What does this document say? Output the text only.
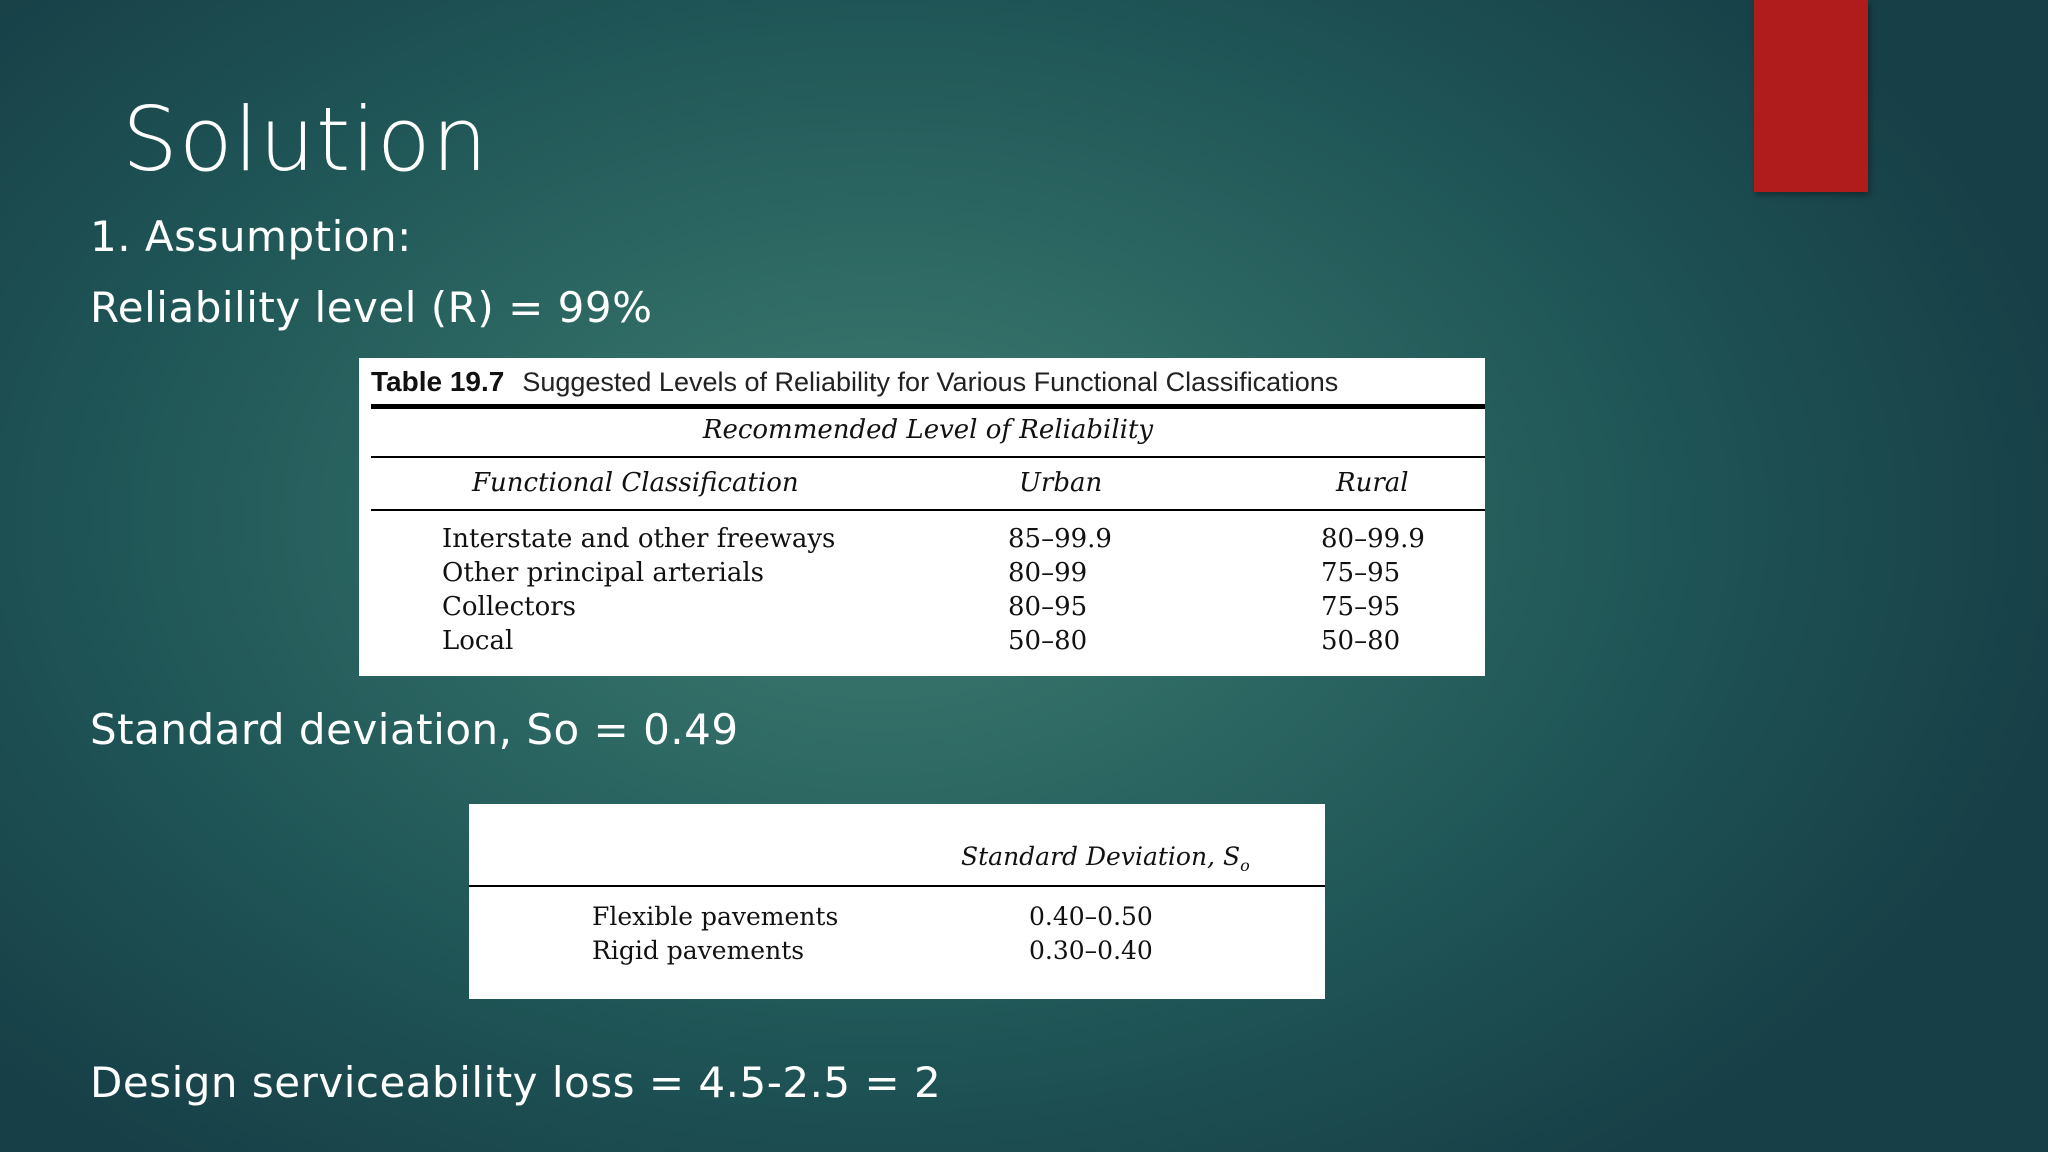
Solution
1. Assumption:
Reliability level (R) = 99%
Table 19.7 Suggested Levels of Reliability for Various Functional Classifications
Recommended Level of Reliability
Functional Classification	Urban	Rural
Interstate and other freeways	85–99.9	80–99.9
Other principal arterials	80–99	75–95
Collectors	80–95	75–95
Local	50–80	50–80
Standard deviation, So = 0.49
Standard Deviation, $S_o$
Flexible pavements	0.40–0.50
Rigid pavements	0.30–0.40
Design serviceability loss = 4.5-2.5 = 2
